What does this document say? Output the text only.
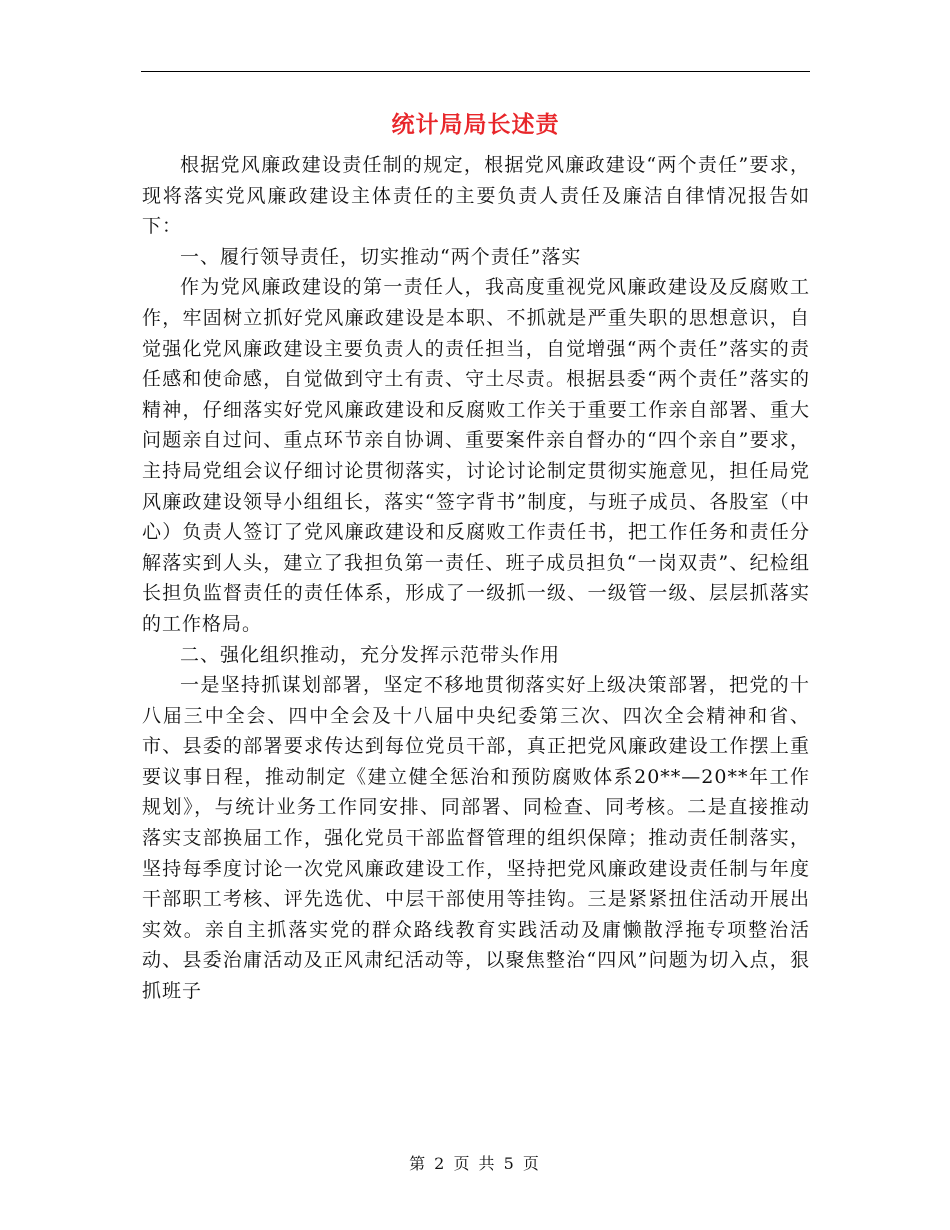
统计局局长述责

根据党风廉政建设责任制的规定，根据党风廉政建设“两个责任”要求，现将落实党风廉政建设主体责任的主要负责人责任及廉洁自律情况报告如下：

一、履行领导责任，切实推动“两个责任”落实

作为党风廉政建设的第一责任人，我高度重视党风廉政建设及反腐败工作，牢固树立抓好党风廉政建设是本职、不抓就是严重失职的思想意识，自觉强化党风廉政建设主要负责人的责任担当，自觉增强“两个责任”落实的责任感和使命感，自觉做到守土有责、守土尽责。根据县委“两个责任”落实的精神，仔细落实好党风廉政建设和反腐败工作关于重要工作亲自部署、重大问题亲自过问、重点环节亲自协调、重要案件亲自督办的“四个亲自”要求，主持局党组会议仔细讨论贯彻落实，讨论讨论制定贯彻实施意见，担任局党风廉政建设领导小组组长，落实“签字背书”制度，与班子成员、各股室（中心）负责人签订了党风廉政建设和反腐败工作责任书，把工作任务和责任分解落实到人头，建立了我担负第一责任、班子成员担负“一岗双责”、纪检组长担负监督责任的责任体系，形成了一级抓一级、一级管一级、层层抓落实的工作格局。

二、强化组织推动，充分发挥示范带头作用

一是坚持抓谋划部署，坚定不移地贯彻落实好上级决策部署，把党的十八届三中全会、四中全会及十八届中央纪委第三次、四次全会精神和省、市、县委的部署要求传达到每位党员干部，真正把党风廉政建设工作摆上重要议事日程，推动制定《建立健全惩治和预防腐败体系20**—20**年工作规划》，与统计业务工作同安排、同部署、同检查、同考核。二是直接推动落实支部换届工作，强化党员干部监督管理的组织保障；推动责任制落实，坚持每季度讨论一次党风廉政建设工作，坚持把党风廉政建设责任制与年度干部职工考核、评先选优、中层干部使用等挂钩。三是紧紧扭住活动开展出实效。亲自主抓落实党的群众路线教育实践活动及庸懒散浮拖专项整治活动、县委治庸活动及正风肃纪活动等，以聚焦整治“四风”问题为切入点，狠抓班子

第 2 页 共 5 页
